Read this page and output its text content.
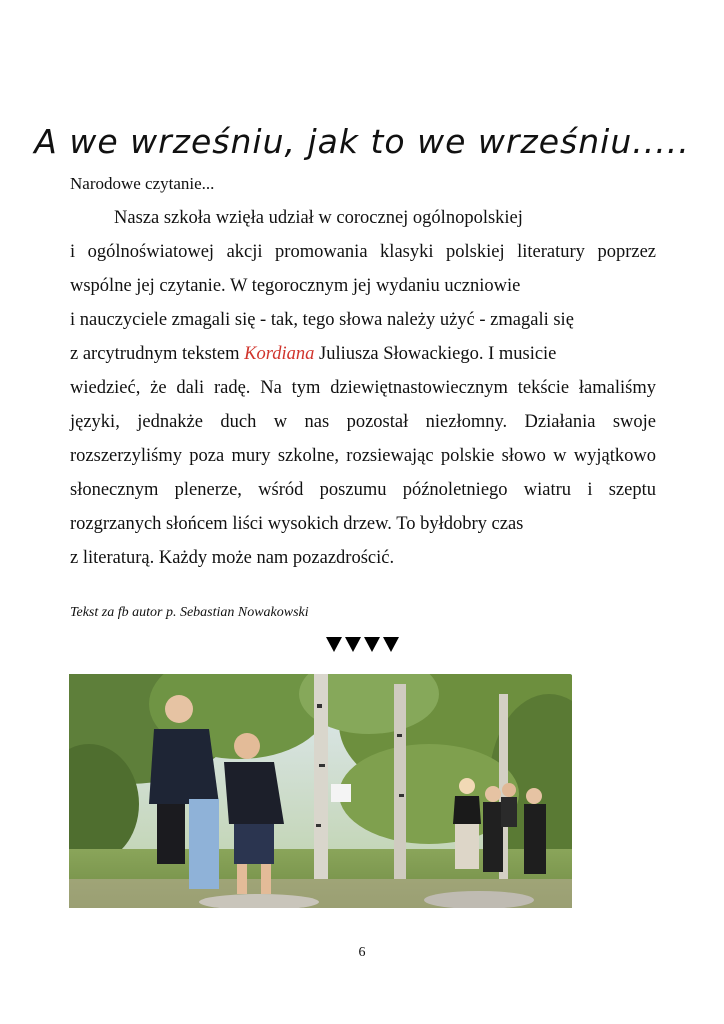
A we wrześniu, jak to we wrześniu.....
Narodowe czytanie...
Nasza szkoła wzięła udział w corocznej ogólnopolskiej
i ogólnoświatowej akcji promowania klasyki polskiej literatury poprzez
wspólne jej czytanie. W tegorocznym jej wydaniu uczniowie
i nauczyciele zmagali się - tak, tego słowa należy użyć - zmagali się
z arcytrudnym tekstem Kordiana Juliusza Słowackiego. I musicie
wiedzieć, że dali radę. Na tym dziewiętnastowiecznym tekście łamaliśmy
języki, jednakże duch w nas pozostał niezłomny. Działania swoje
rozszerzyliśmy poza mury szkolne, rozsiewając polskie słowo w wyjątkowo
słonecznym plenerze, wśród poszumu późnoletniego wiatru i szeptu
rozgrzanych słońcem liści wysokich drzew. To byłdobry czas
z literaturą. Każdy może nam pozazdrościć.
Tekst za fb autor p. Sebastian Nowakowski
6
